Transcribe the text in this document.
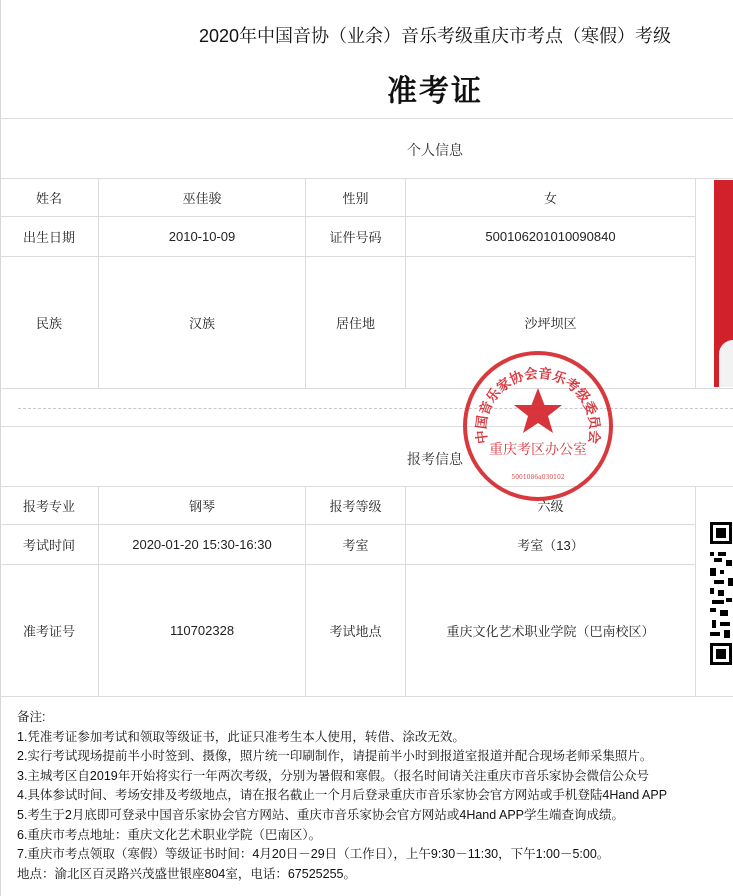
2020年中国音协（业余）音乐考级重庆市考点（寒假）考级
准考证
个人信息
姓名	巫佳骏	性别	女
出生日期	2010-10-09	证件号码	500106201010090840
民族	汉族	居住地	沙坪坝区
报考信息
报考专业	钢琴	报考等级	六级
考试时间	2020-01-20 15:30-16:30	考室	考室（13）
准考证号	110702328	考试地点	重庆文化艺术职业学院（巴南校区）
中国音乐家协会音乐考级委员会
重庆考区办公室
5001086a030102
备注:
1.凭准考证参加考试和领取等级证书，此证只准考生本人使用，转借、涂改无效。
2.实行考试现场提前半小时签到、摄像，照片统一印刷制作，请提前半小时到报道室报道并配合现场老师采集照片。
3.主城考区自2019年开始将实行一年两次考级，分别为暑假和寒假。（报名时间请关注重庆市音乐家协会微信公众号
4.具体参试时间、考场安排及考级地点，请在报名截止一个月后登录重庆市音乐家协会官方网站或手机登陆4Hand APP
5.考生于2月底即可登录中国音乐家协会官方网站、重庆市音乐家协会官方网站或4Hand APP学生端查询成绩。
6.重庆市考点地址：重庆文化艺术职业学院（巴南区）。
7.重庆市考点领取（寒假）等级证书时间：4月20日－29日（工作日），上午9:30－11:30，下午1:00－5:00。
地点：渝北区百灵路兴茂盛世银座804室，电话：67525255。
